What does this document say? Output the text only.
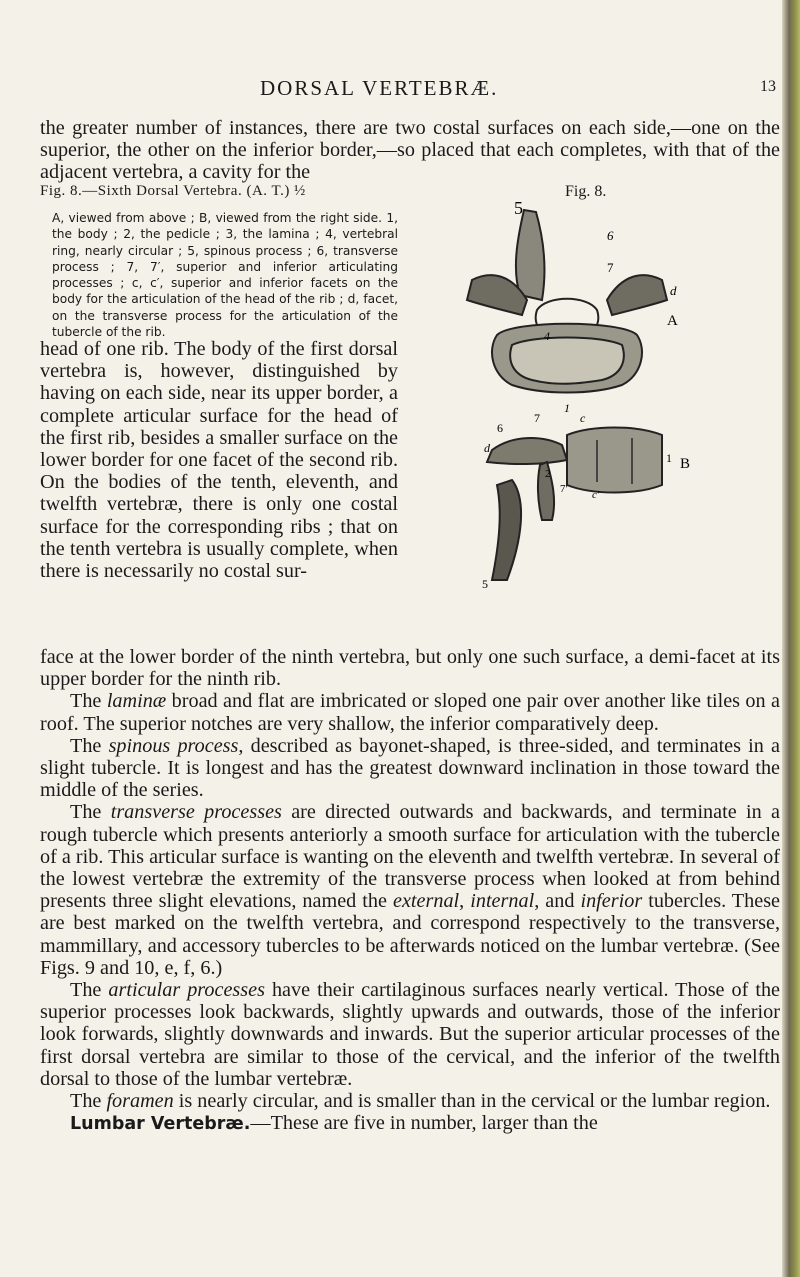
DORSAL VERTEBRÆ.	13

the greater number of instances, there are two costal surfaces on each side,—one on the superior, the other on the inferior border,—so placed that each completes, with that of the adjacent vertebra, a cavity for the

Fig. 8.—Sixth Dorsal Vertebra. (A. T.) ½

A, viewed from above ; B, viewed from the right side. 1, the body ; 2, the pedicle ; 3, the lamina ; 4, vertebral ring, nearly circular ; 5, spinous process ; 6, transverse process ; 7, 7′, superior and inferior articulating processes ; c, c′, superior and inferior facets on the body for the articulation of the head of the rib ; d, facet, on the transverse process for the articulation of the tubercle of the rib.

Fig. 8.

head of one rib. The body of the first dorsal vertebra is, however, distinguished by having on each side, near its upper border, a complete articular surface for the head of the first rib, besides a smaller surface on the lower border for one facet of the second rib. On the bodies of the tenth, eleventh, and twelfth vertebræ, there is only one costal surface for the corresponding ribs ; that on the tenth vertebra is usually complete, when there is necessarily no costal sur-

5
6
7
d
4
1
A
6
7	c
d
1
2
7′ c′
5
B

face at the lower border of the ninth vertebra, but only one such surface, a demi-facet at its upper border for the ninth rib.

The laminæ broad and flat are imbricated or sloped one pair over another like tiles on a roof. The superior notches are very shallow, the inferior comparatively deep.

The spinous process, described as bayonet-shaped, is three-sided, and terminates in a slight tubercle. It is longest and has the greatest downward inclination in those toward the middle of the series.

The transverse processes are directed outwards and backwards, and terminate in a rough tubercle which presents anteriorly a smooth surface for articulation with the tubercle of a rib. This articular surface is wanting on the eleventh and twelfth vertebræ. In several of the lowest vertebræ the extremity of the transverse process when looked at from behind presents three slight elevations, named the external, internal, and inferior tubercles. These are best marked on the twelfth vertebra, and correspond respectively to the transverse, mammillary, and accessory tubercles to be afterwards noticed on the lumbar vertebræ. (See Figs. 9 and 10, e, f, 6.)

The articular processes have their cartilaginous surfaces nearly vertical. Those of the superior processes look backwards, slightly upwards and outwards, those of the inferior look forwards, slightly downwards and inwards. But the superior articular processes of the first dorsal vertebra are similar to those of the cervical, and the inferior of the twelfth dorsal to those of the lumbar vertebræ.

The foramen is nearly circular, and is smaller than in the cervical or the lumbar region.

Lumbar Vertebræ.—These are five in number, larger than the
